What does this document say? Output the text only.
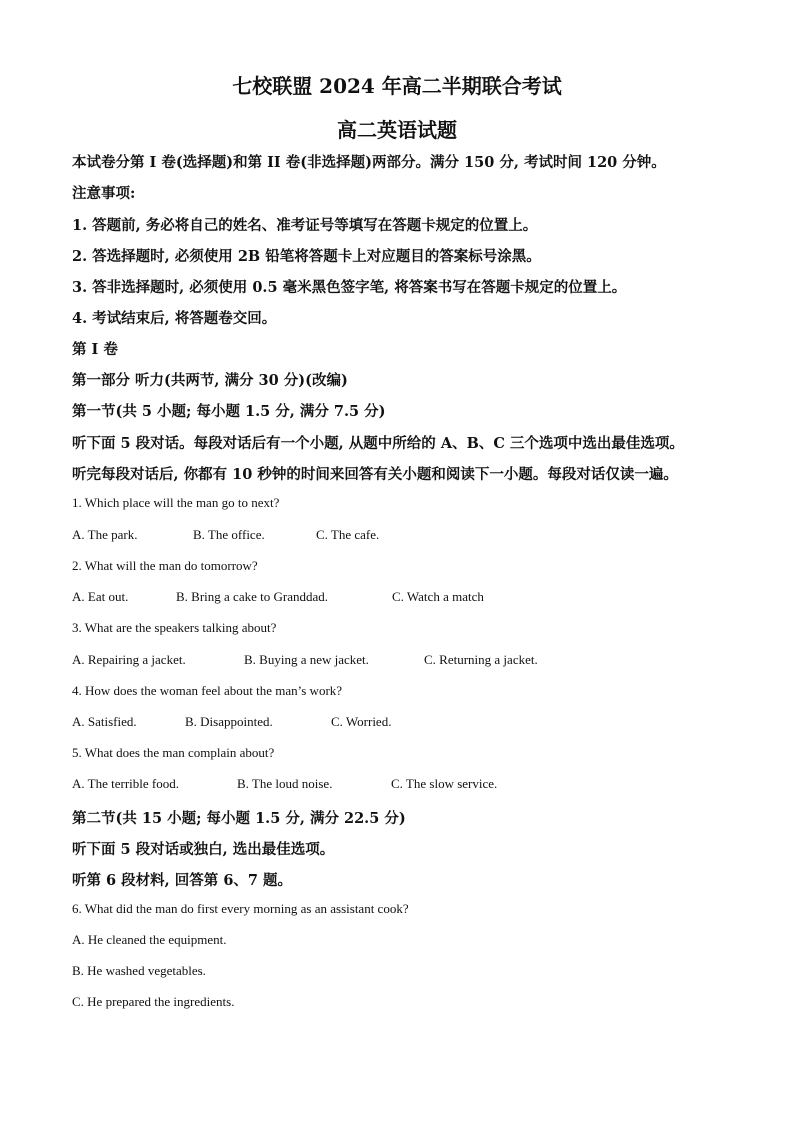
七校联盟 2024 年高二半期联合考试
高二英语试题
本试卷分第 I 卷(选择题)和第 II 卷(非选择题)两部分。满分 150 分, 考试时间 120 分钟。
注意事项:
1. 答题前, 务必将自己的姓名、准考证号等填写在答题卡规定的位置上。
2. 答选择题时, 必须使用 2B 铅笔将答题卡上对应题目的答案标号涂黑。
3. 答非选择题时, 必须使用 0.5 毫米黑色签字笔, 将答案书写在答题卡规定的位置上。
4. 考试结束后, 将答题卷交回。
第 I 卷
第一部分 听力(共两节, 满分 30 分)(改编)
第一节(共 5 小题; 每小题 1.5 分, 满分 7.5 分)
听下面 5 段对话。每段对话后有一个小题, 从题中所给的 A、B、C 三个选项中选出最佳选项。
听完每段对话后, 你都有 10 秒钟的时间来回答有关小题和阅读下一小题。每段对话仅读一遍。
1. Which place will the man go to next?
A. The park.	B. The office.	C. The cafe.
2. What will the man do tomorrow?
A. Eat out.	B. Bring a cake to Granddad.	C. Watch a match
3. What are the speakers talking about?
A. Repairing a jacket.	B. Buying a new jacket.	C. Returning a jacket.
4. How does the woman feel about the man’s work?
A. Satisfied.	B. Disappointed.	C. Worried.
5. What does the man complain about?
A. The terrible food.	B. The loud noise.	C. The slow service.
第二节(共 15 小题; 每小题 1.5 分, 满分 22.5 分)
听下面 5 段对话或独白, 选出最佳选项。
听第 6 段材料, 回答第 6、7 题。
6. What did the man do first every morning as an assistant cook?
A. He cleaned the equipment.
B. He washed vegetables.
C. He prepared the ingredients.
